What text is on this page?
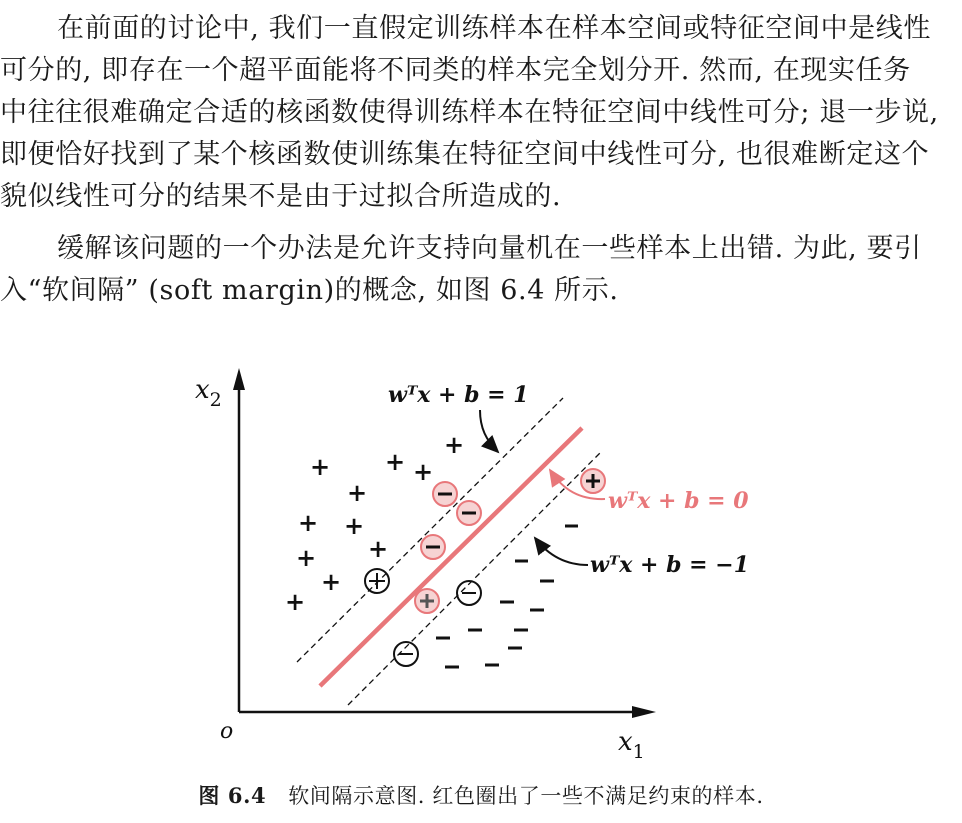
在前面的讨论中, 我们一直假定训练样本在样本空间或特征空间中是线性
可分的, 即存在一个超平面能将不同类的样本完全划分开. 然而, 在现实任务
中往往很难确定合适的核函数使得训练样本在特征空间中线性可分; 退一步说,
即便恰好找到了某个核函数使训练集在特征空间中线性可分, 也很难断定这个
貌似线性可分的结果不是由于过拟合所造成的.
缓解该问题的一个办法是允许支持向量机在一些样本上出错. 为此, 要引
入“软间隔” (soft margin)的概念, 如图 6.4 所示.
$x_2$
$x_1$
o
wᵀx + b = 1
wᵀx + b = 0
wᵀx + b = −1
+ + +
+
+
+ +
+
+
+
+
图 6.4 软间隔示意图. 红色圈出了一些不满足约束的样本.
